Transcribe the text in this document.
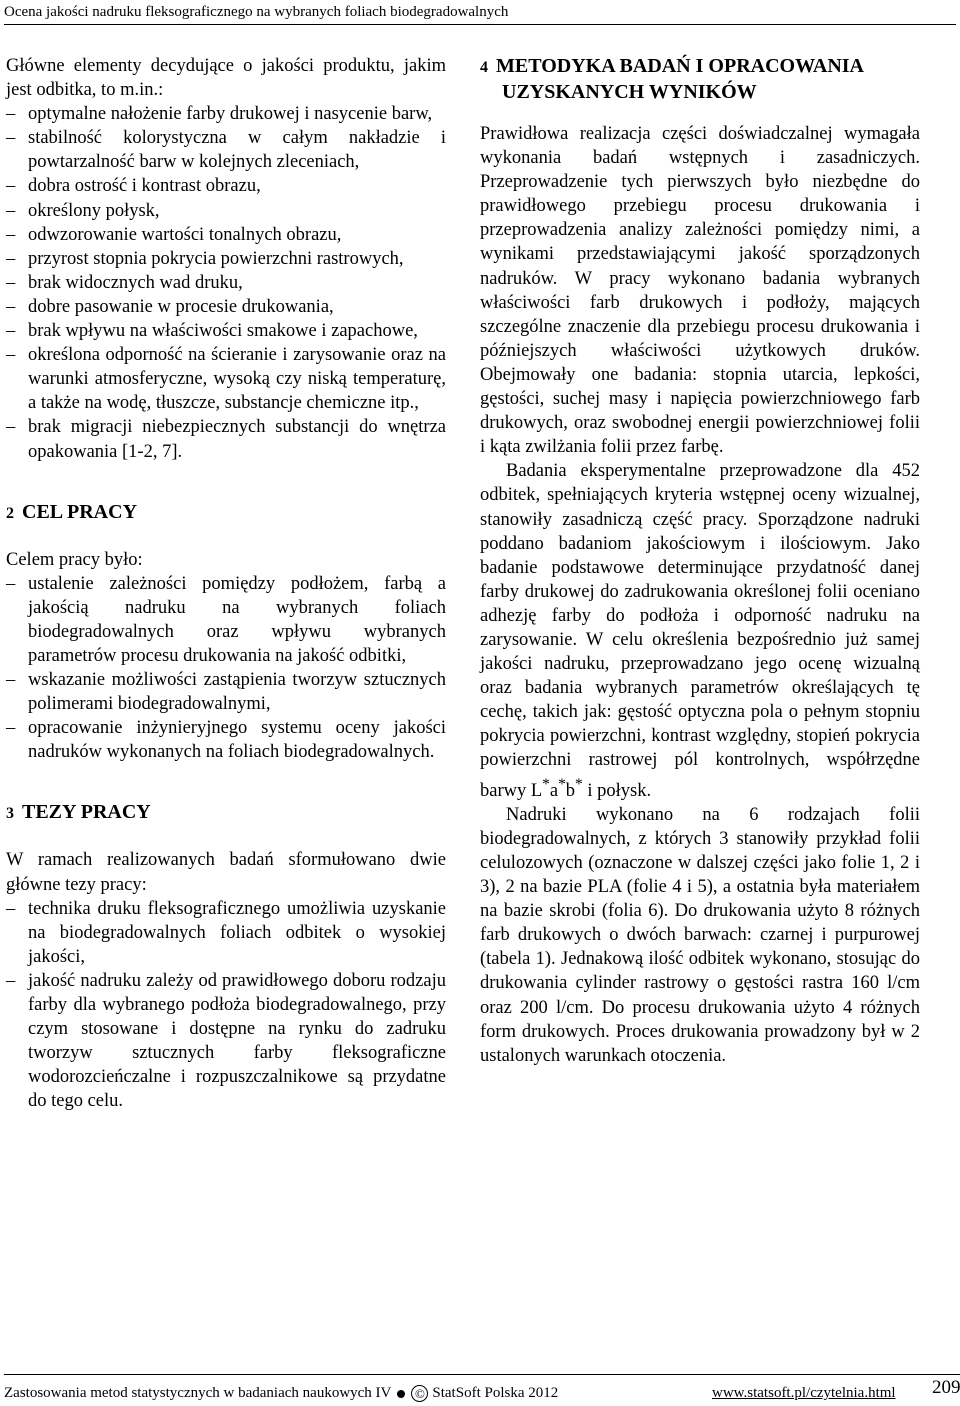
Ocena jakości nadruku fleksograficznego na wybranych foliach biodegradowalnych

Główne elementy decydujące o jakości produktu, jakim jest odbitka, to m.in.:

– optymalne nałożenie farby drukowej i nasycenie barw,
– stabilność kolorystyczna w całym nakładzie i powtarzalność barw w kolejnych zleceniach,
– dobra ostrość i kontrast obrazu,
– określony połysk,
– odwzorowanie wartości tonalnych obrazu,
– przyrost stopnia pokrycia powierzchni rastrowych,
– brak widocznych wad druku,
– dobre pasowanie w procesie drukowania,
– brak wpływu na właściwości smakowe i zapachowe,
– określona odporność na ścieranie i zarysowanie oraz na warunki atmosferyczne, wysoką czy niską temperaturę, a także na wodę, tłuszcze, substancje chemiczne itp.,
– brak migracji niebezpiecznych substancji do wnętrza opakowania [1-2, 7].
2 CEL PRACY

Celem pracy było:

– ustalenie zależności pomiędzy podłożem, farbą a jakością nadruku na wybranych foliach biodegradowalnych oraz wpływu wybranych parametrów procesu drukowania na jakość odbitki,
– wskazanie możliwości zastąpienia tworzyw sztucznych polimerami biodegradowalnymi,
– opracowanie inżynieryjnego systemu oceny jakości nadruków wykonanych na foliach biodegradowalnych.
3 TEZY PRACY

W ramach realizowanych badań sformułowano dwie główne tezy pracy:

– technika druku fleksograficznego umożliwia uzyskanie na biodegradowalnych foliach odbitek o wysokiej jakości,
– jakość nadruku zależy od prawidłowego doboru rodzaju farby dla wybranego podłoża biodegradowalnego, przy czym stosowane i dostępne na rynku do zadruku tworzyw sztucznych farby fleksograficzne wodorozcieńczalne i rozpuszczalnikowe są przydatne do tego celu.
4 METODYKA BADAŃ I OPRACOWANIA UZYSKANYCH WYNIKÓW

Prawidłowa realizacja części doświadczalnej wymagała wykonania badań wstępnych i zasadniczych. Przeprowadzenie tych pierwszych było niezbędne do prawidłowego przebiegu procesu drukowania i przeprowadzenia analizy zależności pomiędzy nimi, a wynikami przedstawiającymi jakość sporządzonych nadruków. W pracy wykonano badania wybranych właściwości farb drukowych i podłoży, mających szczególne znaczenie dla przebiegu procesu drukowania i późniejszych właściwości użytkowych druków. Obejmowały one badania: stopnia utarcia, lepkości, gęstości, suchej masy i napięcia powierzchniowego farb drukowych, oraz swobodnej energii powierzchniowej folii i kąta zwilżania folii przez farbę.

Badania eksperymentalne przeprowadzone dla 452 odbitek, spełniających kryteria wstępnej oceny wizualnej, stanowiły zasadniczą część pracy. Sporządzone nadruki poddano badaniom jakościowym i ilościowym. Jako badanie podstawowe determinujące przydatność danej farby drukowej do zadrukowania określonej folii oceniano adhezję farby do podłoża i odporność nadruku na zarysowanie. W celu określenia bezpośrednio już samej jakości nadruku, przeprowadzano jego ocenę wizualną oraz badania wybranych parametrów określających tę cechę, takich jak: gęstość optyczna pola o pełnym stopniu pokrycia powierzchni, kontrast względny, stopień pokrycia powierzchni rastrowej pól kontrolnych, współrzędne barwy L*a*b* i połysk.

Nadruki wykonano na 6 rodzajach folii biodegradowalnych, z których 3 stanowiły przykład folii celulozowych (oznaczone w dalszej części jako folie 1, 2 i 3), 2 na bazie PLA (folie 4 i 5), a ostatnia była materiałem na bazie skrobi (folia 6). Do drukowania użyto 8 różnych farb drukowych o dwóch barwach: czarnej i purpurowej (tabela 1). Jednakową ilość odbitek wykonano, stosując do drukowania cylinder rastrowy o gęstości rastra 160 l/cm oraz 200 l/cm. Do procesu drukowania użyto 4 różnych form drukowych. Proces drukowania prowadzony był w 2 ustalonych warunkach otoczenia.

Zastosowania metod statystycznych w badaniach naukowych IV © StatSoft Polska 2012	www.statsoft.pl/czytelnia.html 209
